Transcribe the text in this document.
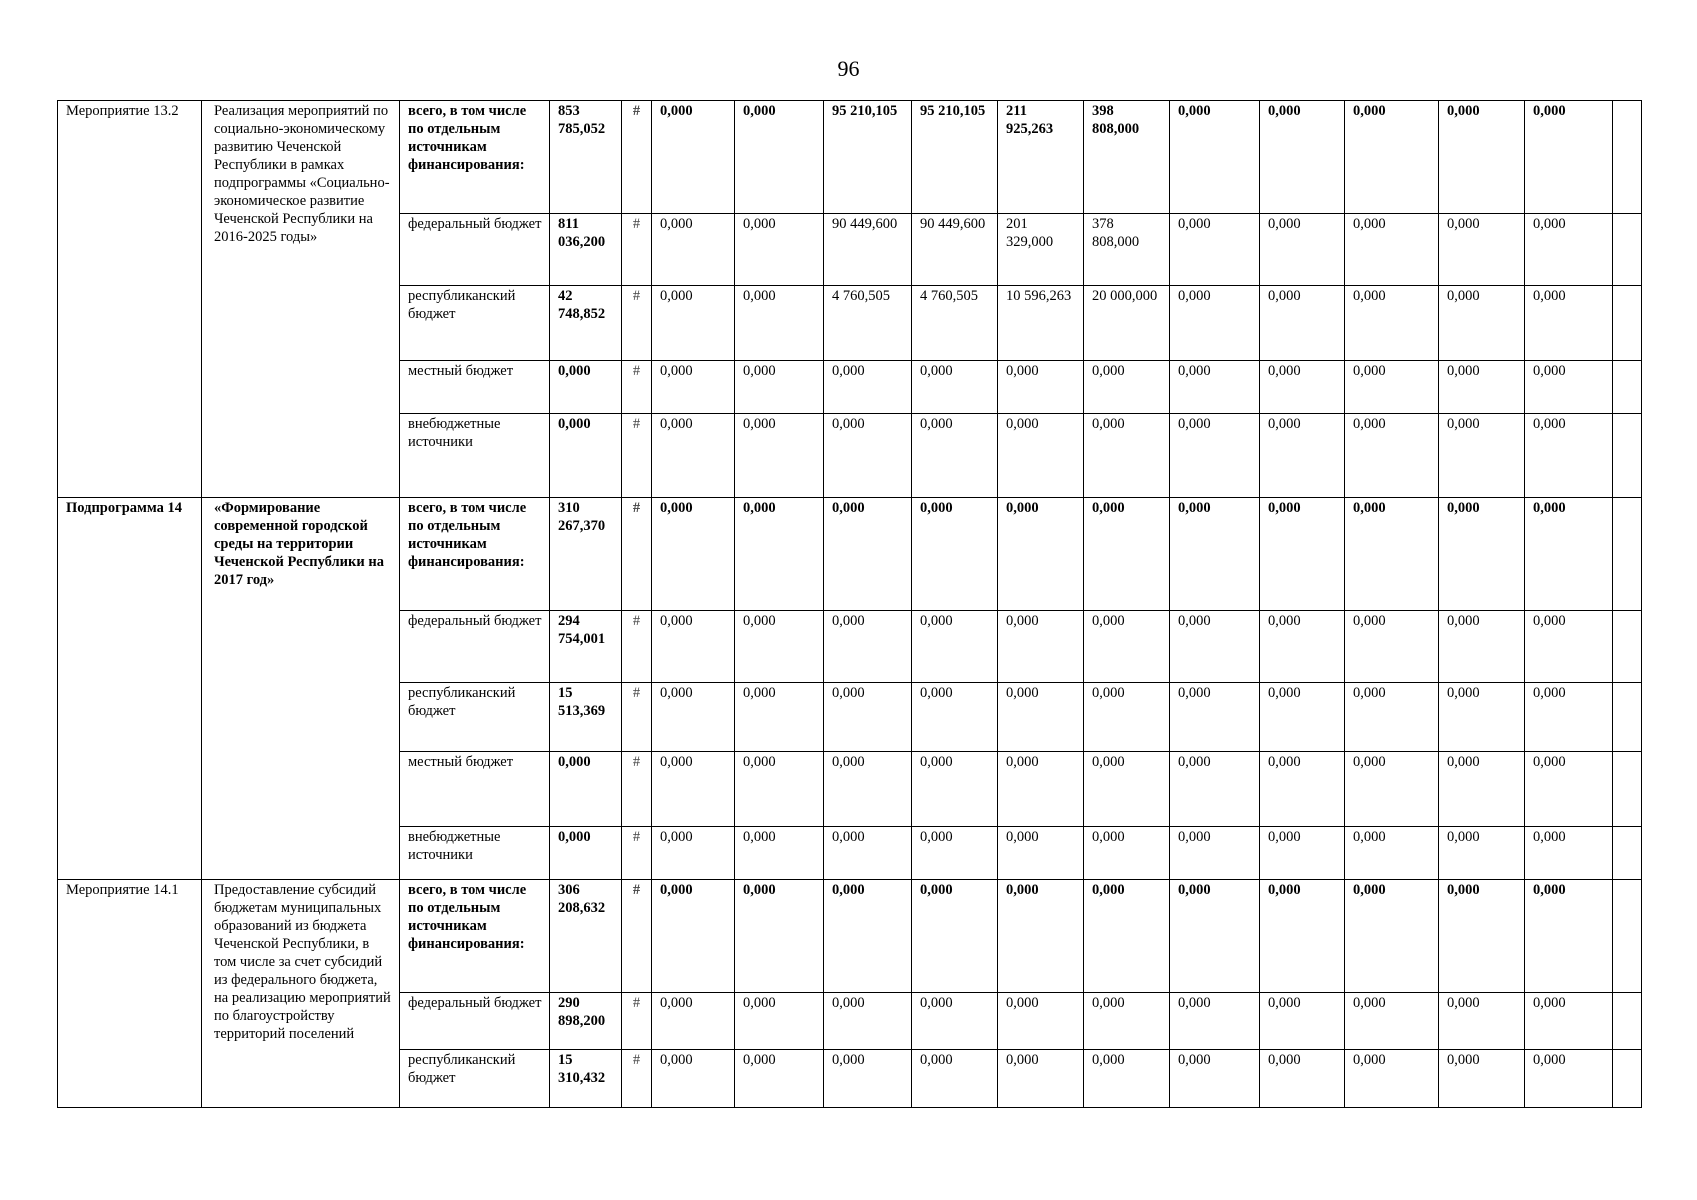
96
Мероприятие 13.2	Реализация мероприятий по социально-экономическому развитию Чеченской Республики в рамках подпрограммы «Социально-экономическое развитие Чеченской Республики на 2016-2025 годы»	всего, в том числе по отдельным источникам финансирования:	853 785,052	#	0,000	0,000	95 210,105	95 210,105	211 925,263	398 808,000	0,000	0,000	0,000	0,000	0,000	
		федеральный бюджет	811 036,200	#	0,000	0,000	90 449,600	90 449,600	201 329,000	378 808,000	0,000	0,000	0,000	0,000	0,000	
		республиканский бюджет	42 748,852	#	0,000	0,000	4 760,505	4 760,505	10 596,263	20 000,000	0,000	0,000	0,000	0,000	0,000	
		местный бюджет	0,000	#	0,000	0,000	0,000	0,000	0,000	0,000	0,000	0,000	0,000	0,000	0,000	
		внебюджетные источники	0,000	#	0,000	0,000	0,000	0,000	0,000	0,000	0,000	0,000	0,000	0,000	0,000	
Подпрограмма 14	«Формирование современной городской среды на территории Чеченской Республики на 2017 год»	всего, в том числе по отдельным источникам финансирования:	310 267,370	#	0,000	0,000	0,000	0,000	0,000	0,000	0,000	0,000	0,000	0,000	0,000	
		федеральный бюджет	294 754,001	#	0,000	0,000	0,000	0,000	0,000	0,000	0,000	0,000	0,000	0,000	0,000	
		республиканский бюджет	15 513,369	#	0,000	0,000	0,000	0,000	0,000	0,000	0,000	0,000	0,000	0,000	0,000	
		местный бюджет	0,000	#	0,000	0,000	0,000	0,000	0,000	0,000	0,000	0,000	0,000	0,000	0,000	
		внебюджетные источники	0,000	#	0,000	0,000	0,000	0,000	0,000	0,000	0,000	0,000	0,000	0,000	0,000	
Мероприятие 14.1	Предоставление субсидий бюджетам муниципальных образований из бюджета Чеченской Республики, в том числе за счет субсидий из федерального бюджета, на реализацию мероприятий по благоустройству территорий поселений	всего, в том числе по отдельным источникам финансирования:	306 208,632	#	0,000	0,000	0,000	0,000	0,000	0,000	0,000	0,000	0,000	0,000	0,000	
		федеральный бюджет	290 898,200	#	0,000	0,000	0,000	0,000	0,000	0,000	0,000	0,000	0,000	0,000	0,000	
		республиканский бюджет	15 310,432	#	0,000	0,000	0,000	0,000	0,000	0,000	0,000	0,000	0,000	0,000	0,000	
